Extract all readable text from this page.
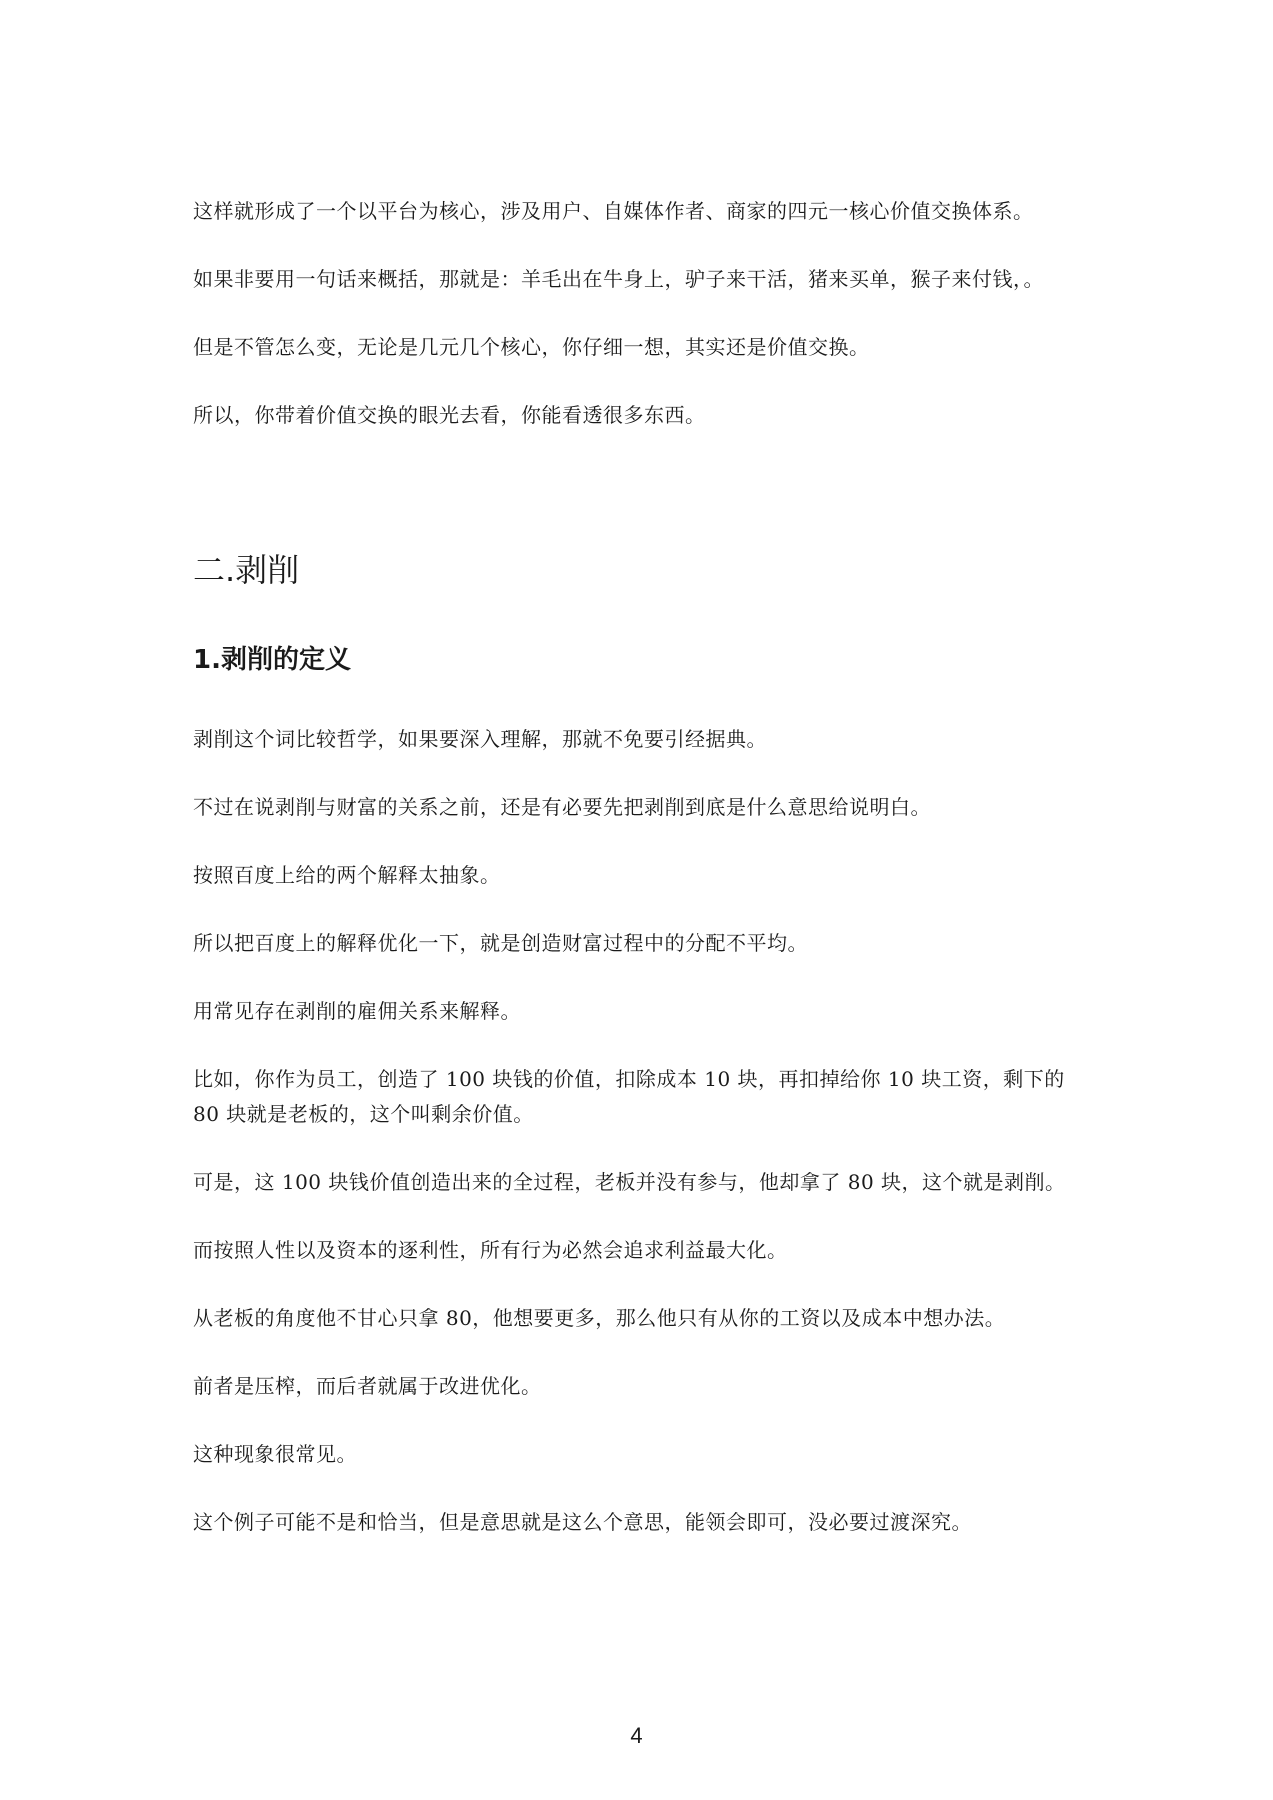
这样就形成了一个以平台为核心，涉及用户、自媒体作者、商家的四元一核心价值交换体系。

如果非要用一句话来概括，那就是：羊毛出在牛身上，驴子来干活，猪来买单，猴子来付钱，。

但是不管怎么变，无论是几元几个核心，你仔细一想，其实还是价值交换。

所以，你带着价值交换的眼光去看，你能看透很多东西。

二.剥削
1.剥削的定义

剥削这个词比较哲学，如果要深入理解，那就不免要引经据典。

不过在说剥削与财富的关系之前，还是有必要先把剥削到底是什么意思给说明白。

按照百度上给的两个解释太抽象。

所以把百度上的解释优化一下，就是创造财富过程中的分配不平均。

用常见存在剥削的雇佣关系来解释。

比如，你作为员工，创造了 100 块钱的价值，扣除成本 10 块，再扣掉给你 10 块工资，剩下的 80 块就是老板的，这个叫剩余价值。

可是，这 100 块钱价值创造出来的全过程，老板并没有参与，他却拿了 80 块，这个就是剥削。

而按照人性以及资本的逐利性，所有行为必然会追求利益最大化。

从老板的角度他不甘心只拿 80，他想要更多，那么他只有从你的工资以及成本中想办法。

前者是压榨，而后者就属于改进优化。

这种现象很常见。

这个例子可能不是和恰当，但是意思就是这么个意思，能领会即可，没必要过渡深究。

4
